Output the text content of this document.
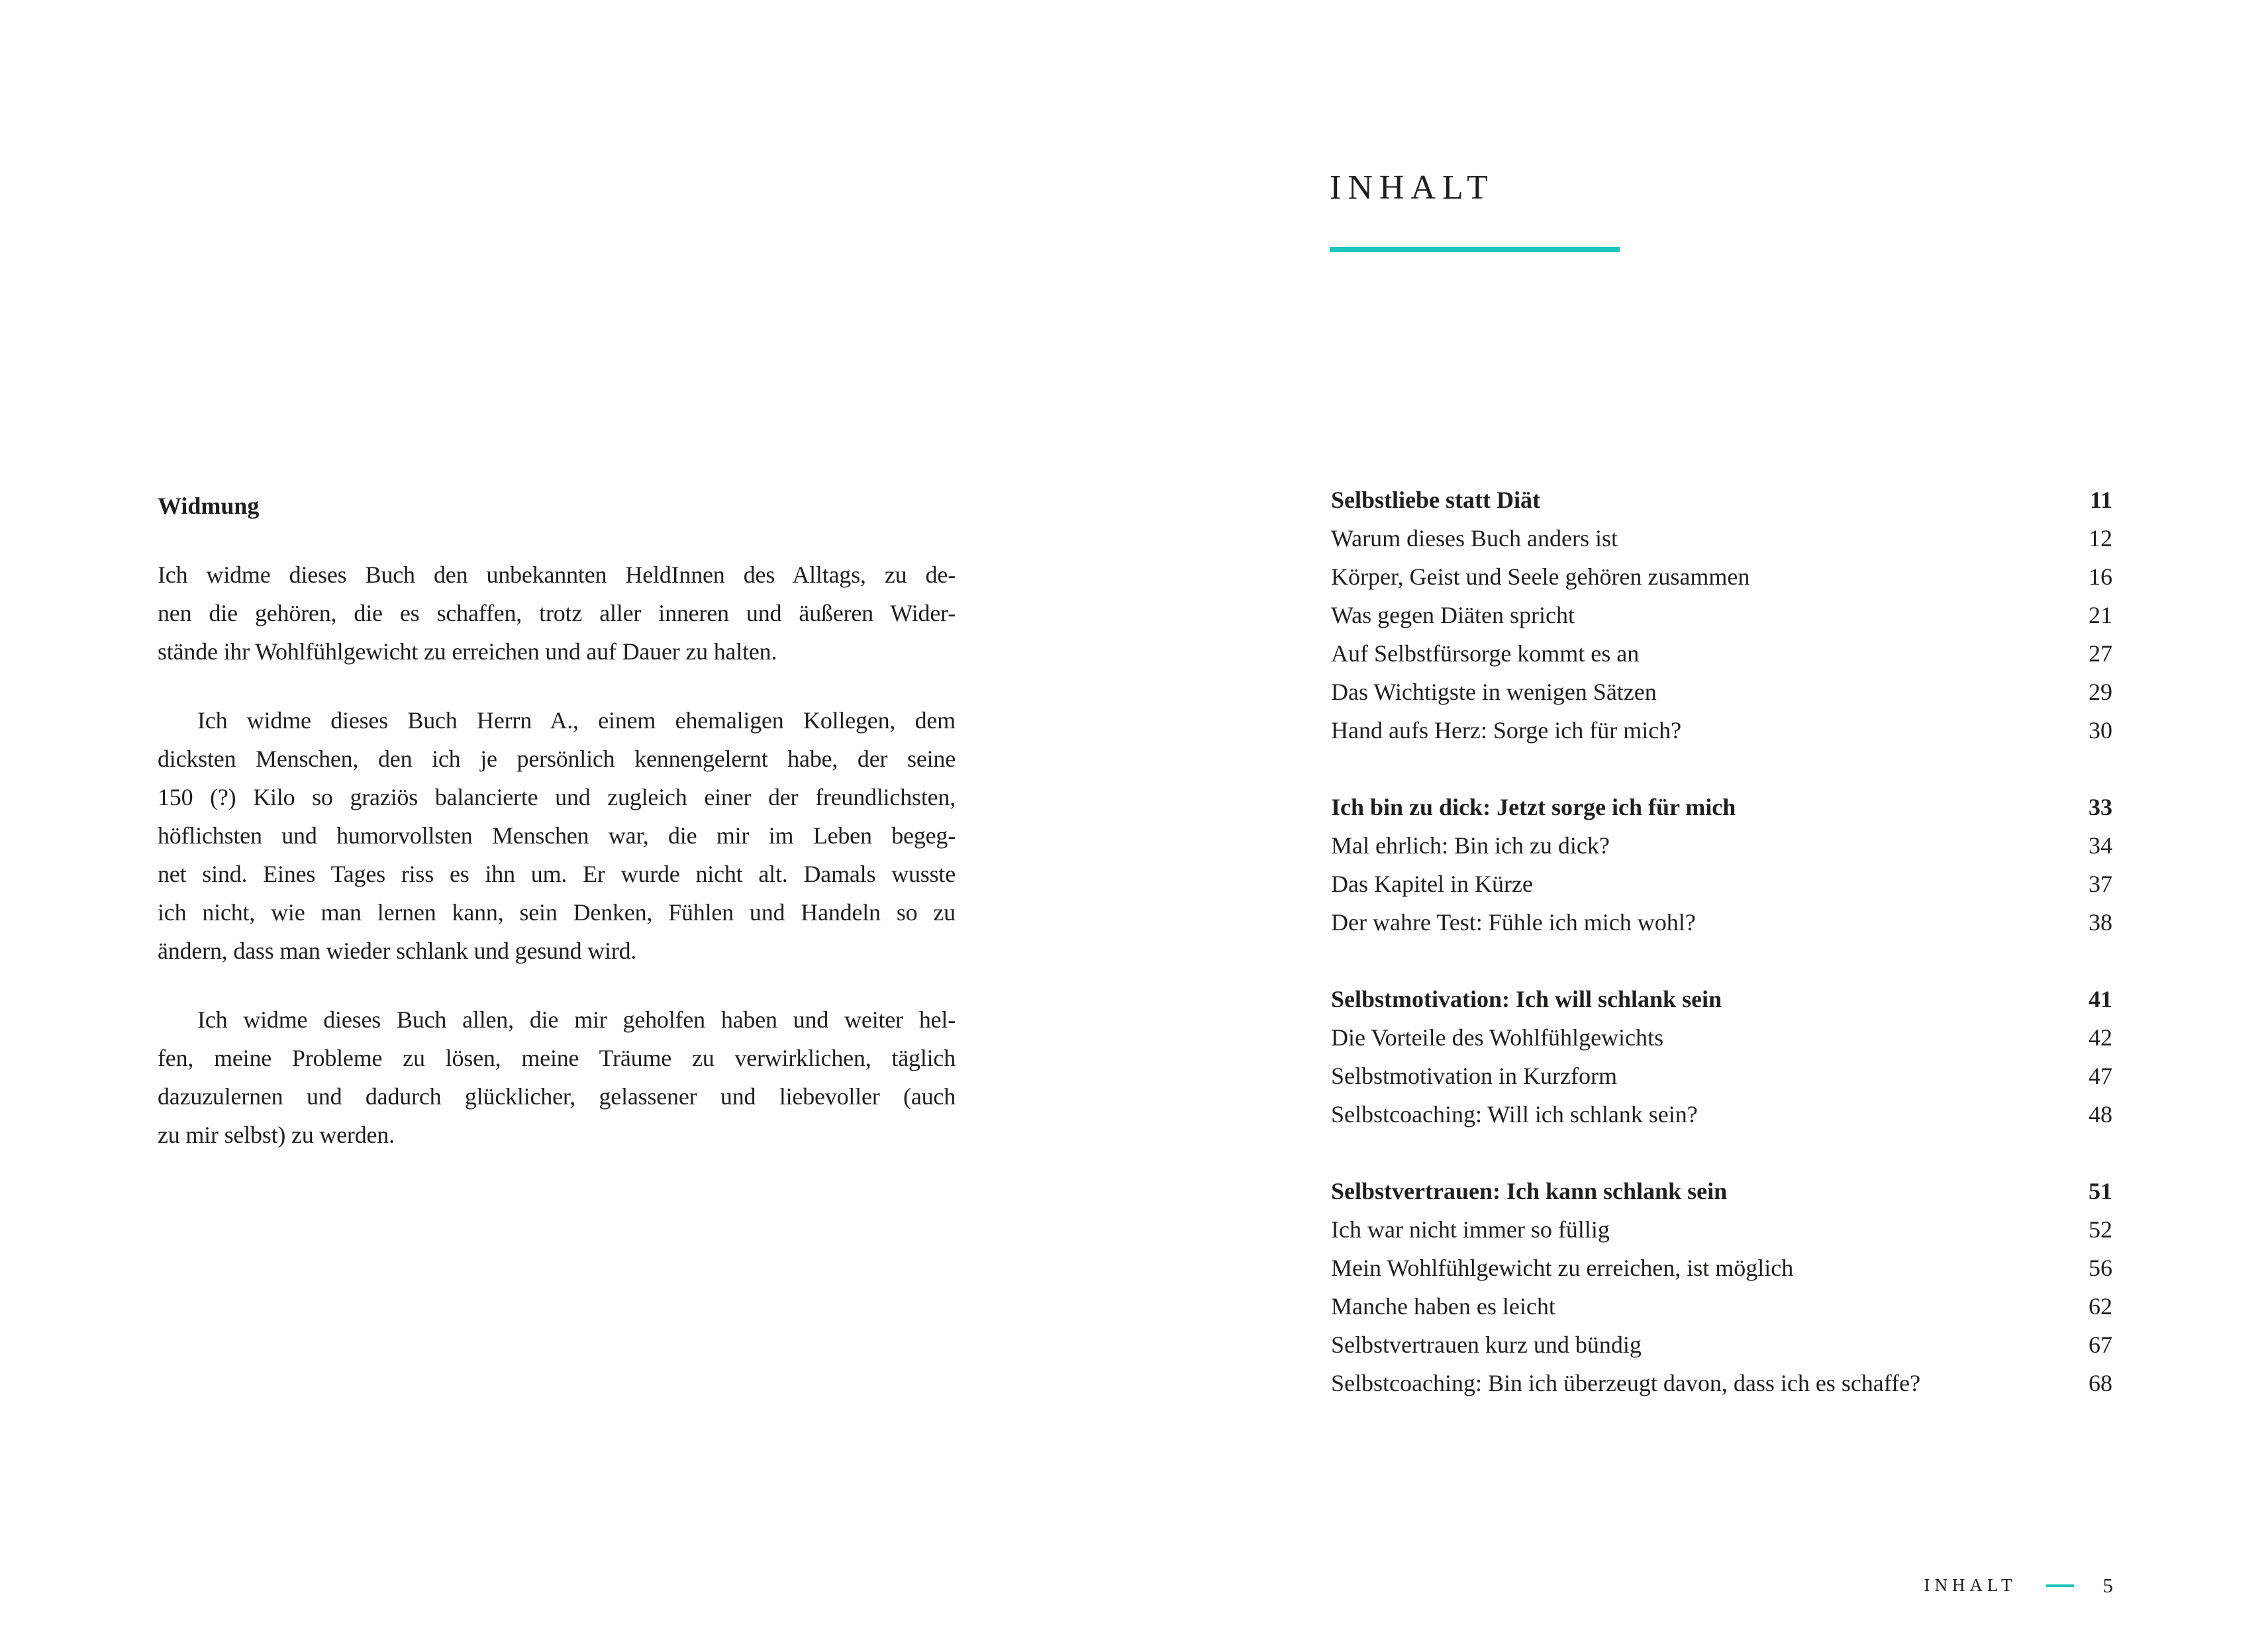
Widmung
Ich widme dieses Buch den unbekannten HeldInnen des Alltags, zu de-
nen die gehören, die es schaffen, trotz aller inneren und äußeren Wider-
stände ihr Wohlfühlgewicht zu erreichen und auf Dauer zu halten.
Ich widme dieses Buch Herrn A., einem ehemaligen Kollegen, dem
dicksten Menschen, den ich je persönlich kennengelernt habe, der seine
150 (?) Kilo so graziös balancierte und zugleich einer der freundlichsten,
höflichsten und humorvollsten Menschen war, die mir im Leben begeg-
net sind. Eines Tages riss es ihn um. Er wurde nicht alt. Damals wusste
ich nicht, wie man lernen kann, sein Denken, Fühlen und Handeln so zu
ändern, dass man wieder schlank und gesund wird.
Ich widme dieses Buch allen, die mir geholfen haben und weiter hel-
fen, meine Probleme zu lösen, meine Träume zu verwirklichen, täglich
dazuzulernen und dadurch glücklicher, gelassener und liebevoller (auch
zu mir selbst) zu werden.
INHALT
Selbstliebe statt Diät	11
Warum dieses Buch anders ist	12
Körper, Geist und Seele gehören zusammen	16
Was gegen Diäten spricht	21
Auf Selbstfürsorge kommt es an	27
Das Wichtigste in wenigen Sätzen	29
Hand aufs Herz: Sorge ich für mich?	30
Ich bin zu dick: Jetzt sorge ich für mich	33
Mal ehrlich: Bin ich zu dick?	34
Das Kapitel in Kürze	37
Der wahre Test: Fühle ich mich wohl?	38
Selbstmotivation: Ich will schlank sein	41
Die Vorteile des Wohlfühlgewichts	42
Selbstmotivation in Kurzform	47
Selbstcoaching: Will ich schlank sein?	48
Selbstvertrauen: Ich kann schlank sein	51
Ich war nicht immer so füllig	52
Mein Wohlfühlgewicht zu erreichen, ist möglich	56
Manche haben es leicht	62
Selbstvertrauen kurz und bündig	67
Selbstcoaching: Bin ich überzeugt davon, dass ich es schaffe?	68
INHALT	5
